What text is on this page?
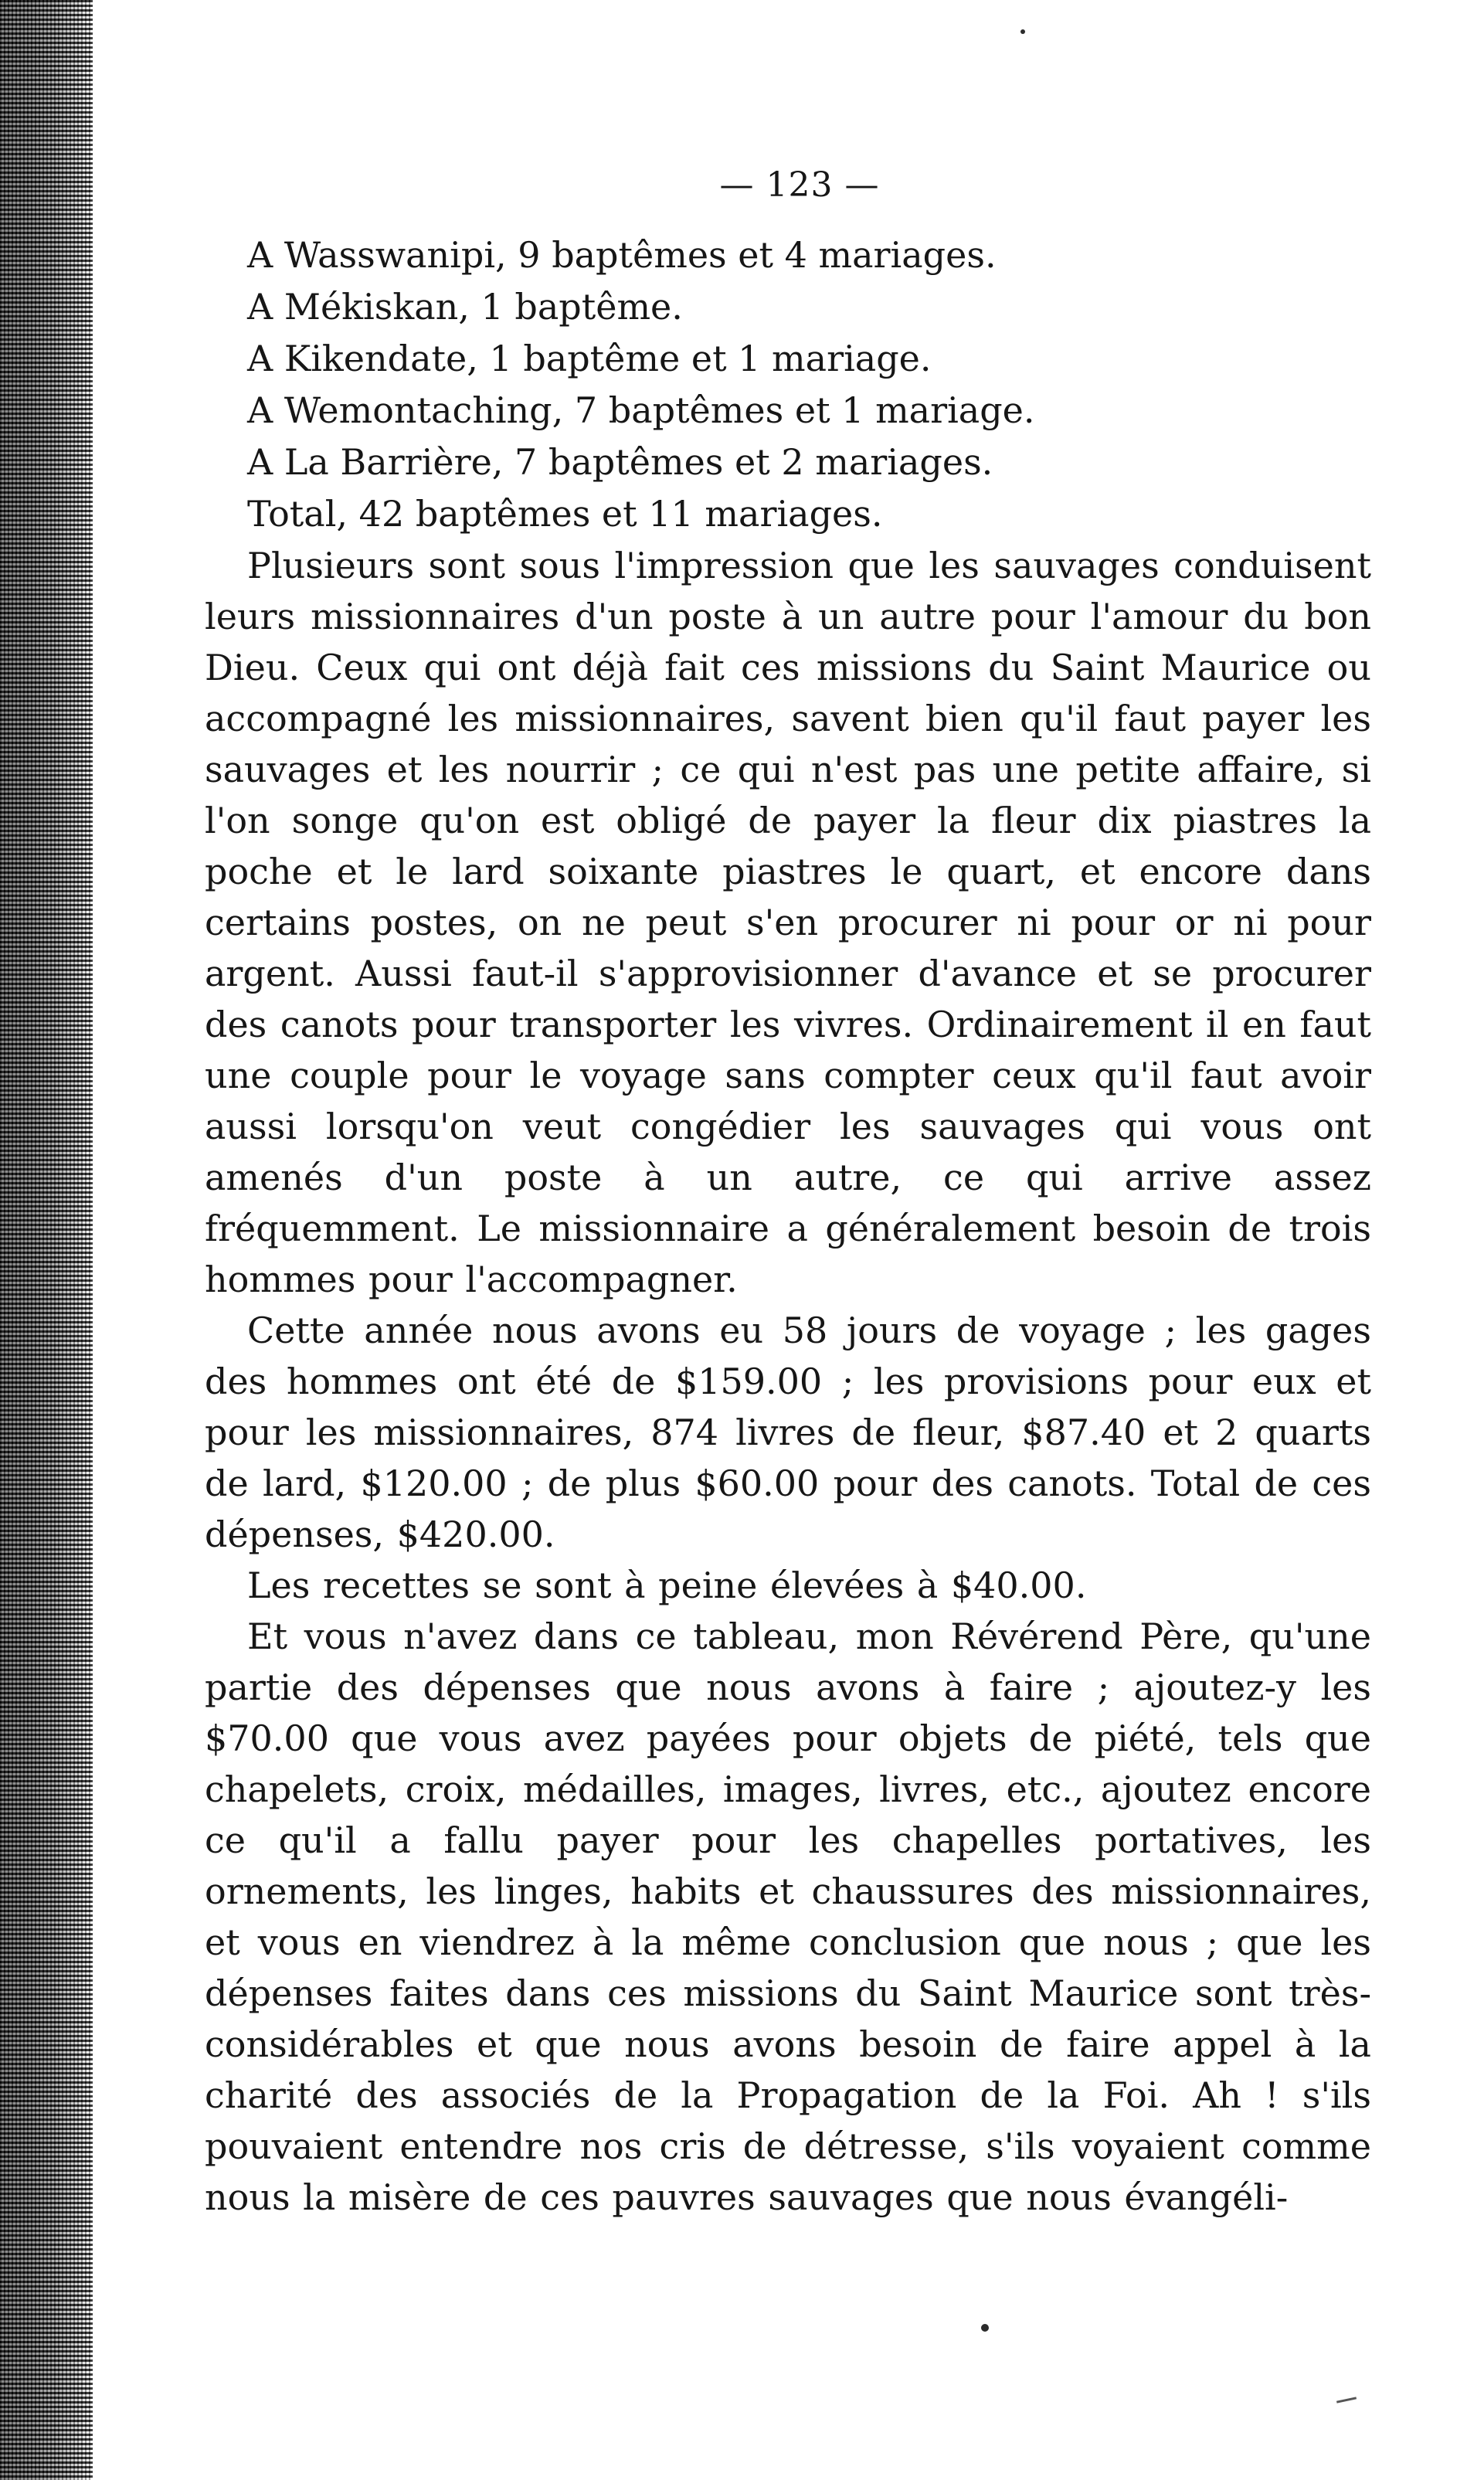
— 123 —
A Wasswanipi, 9 baptêmes et 4 mariages.
A Mékiskan, 1 baptême.
A Kikendate, 1 baptême et 1 mariage.
A Wemontaching, 7 baptêmes et 1 mariage.
A La Barrière, 7 baptêmes et 2 mariages.
Total, 42 baptêmes et 11 mariages.

Plusieurs sont sous l'impression que les sauvages conduisent leurs missionnaires d'un poste à un autre pour l'amour du bon Dieu. Ceux qui ont déjà fait ces missions du Saint Maurice ou accompagné les missionnaires, savent bien qu'il faut payer les sauvages et les nourrir ; ce qui n'est pas une petite affaire, si l'on songe qu'on est obligé de payer la fleur dix piastres la poche et le lard soixante piastres le quart, et encore dans certains postes, on ne peut s'en procurer ni pour or ni pour argent. Aussi faut-il s'approvisionner d'avance et se procurer des canots pour transporter les vivres. Ordinairement il en faut une couple pour le voyage sans compter ceux qu'il faut avoir aussi lorsqu'on veut congédier les sauvages qui vous ont amenés d'un poste à un autre, ce qui arrive assez fréquemment. Le missionnaire a généralement besoin de trois hommes pour l'accompagner.

Cette année nous avons eu 58 jours de voyage ; les gages des hommes ont été de $159.00 ; les provisions pour eux et pour les missionnaires, 874 livres de fleur, $87.40 et 2 quarts de lard, $120.00 ; de plus $60.00 pour des canots. Total de ces dépenses, $420.00.

Les recettes se sont à peine élevées à $40.00.

Et vous n'avez dans ce tableau, mon Révérend Père, qu'une partie des dépenses que nous avons à faire ; ajoutez-y les $70.00 que vous avez payées pour objets de piété, tels que chapelets, croix, médailles, images, livres, etc., ajoutez encore ce qu'il a fallu payer pour les chapelles portatives, les ornements, les linges, habits et chaussures des missionnaires, et vous en viendrez à la même conclusion que nous ; que les dépenses faites dans ces missions du Saint Maurice sont très-considérables et que nous avons besoin de faire appel à la charité des associés de la Propagation de la Foi. Ah ! s'ils pouvaient entendre nos cris de détresse, s'ils voyaient comme nous la misère de ces pauvres sauvages que nous évangéli-
